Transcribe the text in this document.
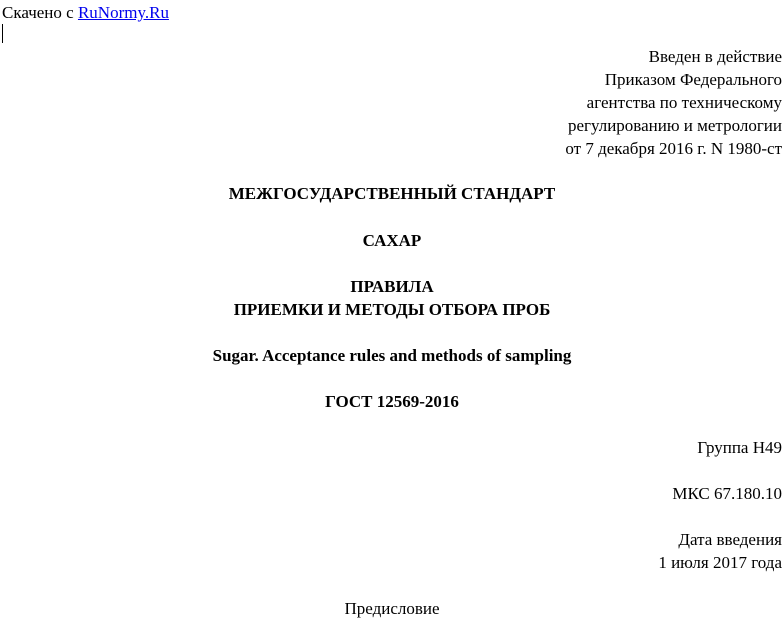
Скачено с RuNormy.Ru
Введен в действие
Приказом Федерального
агентства по техническому
регулированию и метрологии
от 7 декабря 2016 г. N 1980-ст
МЕЖГОСУДАРСТВЕННЫЙ СТАНДАРТ
САХАР
ПРАВИЛА
ПРИЕМКИ И МЕТОДЫ ОТБОРА ПРОБ
Sugar. Acceptance rules and methods of sampling
ГОСТ 12569-2016
Группа Н49
МКС 67.180.10
Дата введения
1 июля 2017 года
Предисловие
